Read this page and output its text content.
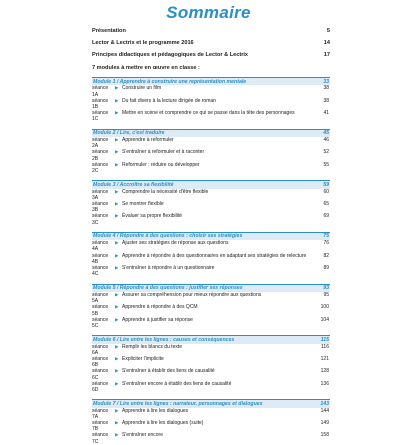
Sommaire
Présentation	5
Lector & Lectrix et le programme 2016	14
Principes didactiques et pédagogiques de Lector & Lectrix	17
7 modules à mettre en œuvre en classe :
Module 1 / Apprendre à construire une représentation mentale	33
séance 1A▶ Construire un film	38
séance 1B▶ Du fait divers à la lecture dirigée de roman	38
séance 1C▶ Mettre en scène et comprendre ce qui se passe dans la tête des personnages	41
Module 2 / Lire, c'est traduire	45
séance 2A▶ Apprendre à reformuler	46
séance 2B▶ S'entraîner à reformuler et à raconter	52
séance 2C▶ Reformuler : réduire ou développer	55
Module 3 / Accroître sa flexibilité	59
séance 3A▶ Comprendre la nécessité d'être flexible	60
séance 3B▶ Se montrer flexible	65
séance 3C▶ Évaluer sa propre flexibilité	69
Module 4 / Répondre à des questions : choisir ses stratégies	75
séance 4A▶ Ajuster ses stratégies de réponse aux questions	76
séance 4B▶ Apprendre à répondre à des questionnaires en adaptant ses stratégies de relecture	82
séance 4C▶ S'entraîner à répondre à un questionnaire	89
Module 5 / Répondre à des questions : justifier ses réponses	93
séance 5A▶ Assurer sa compréhension pour mieux répondre aux questions	95
séance 5B▶ Apprendre à répondre à des QCM	100
séance 5C▶ Apprendre à justifier sa réponse	104
Module 6 / Lire entre les lignes : causes et conséquences	115
séance 6A▶ Remplir les blancs du texte	116
séance 6B▶ Expliciter l'implicite	121
séance 6C▶ S'entraîner à établir des liens de causalité	128
séance 6D▶ S'entraîner encore à établir des liens de causalité	136
Module 7 / Lire entre les lignes : narrateur, personnages et dialogues	143
séance 7A▶ Apprendre à lire les dialogues	144
séance 7B▶ Apprendre à lire les dialogues (suite)	149
séance 7C▶ S'entraîner encore	158
